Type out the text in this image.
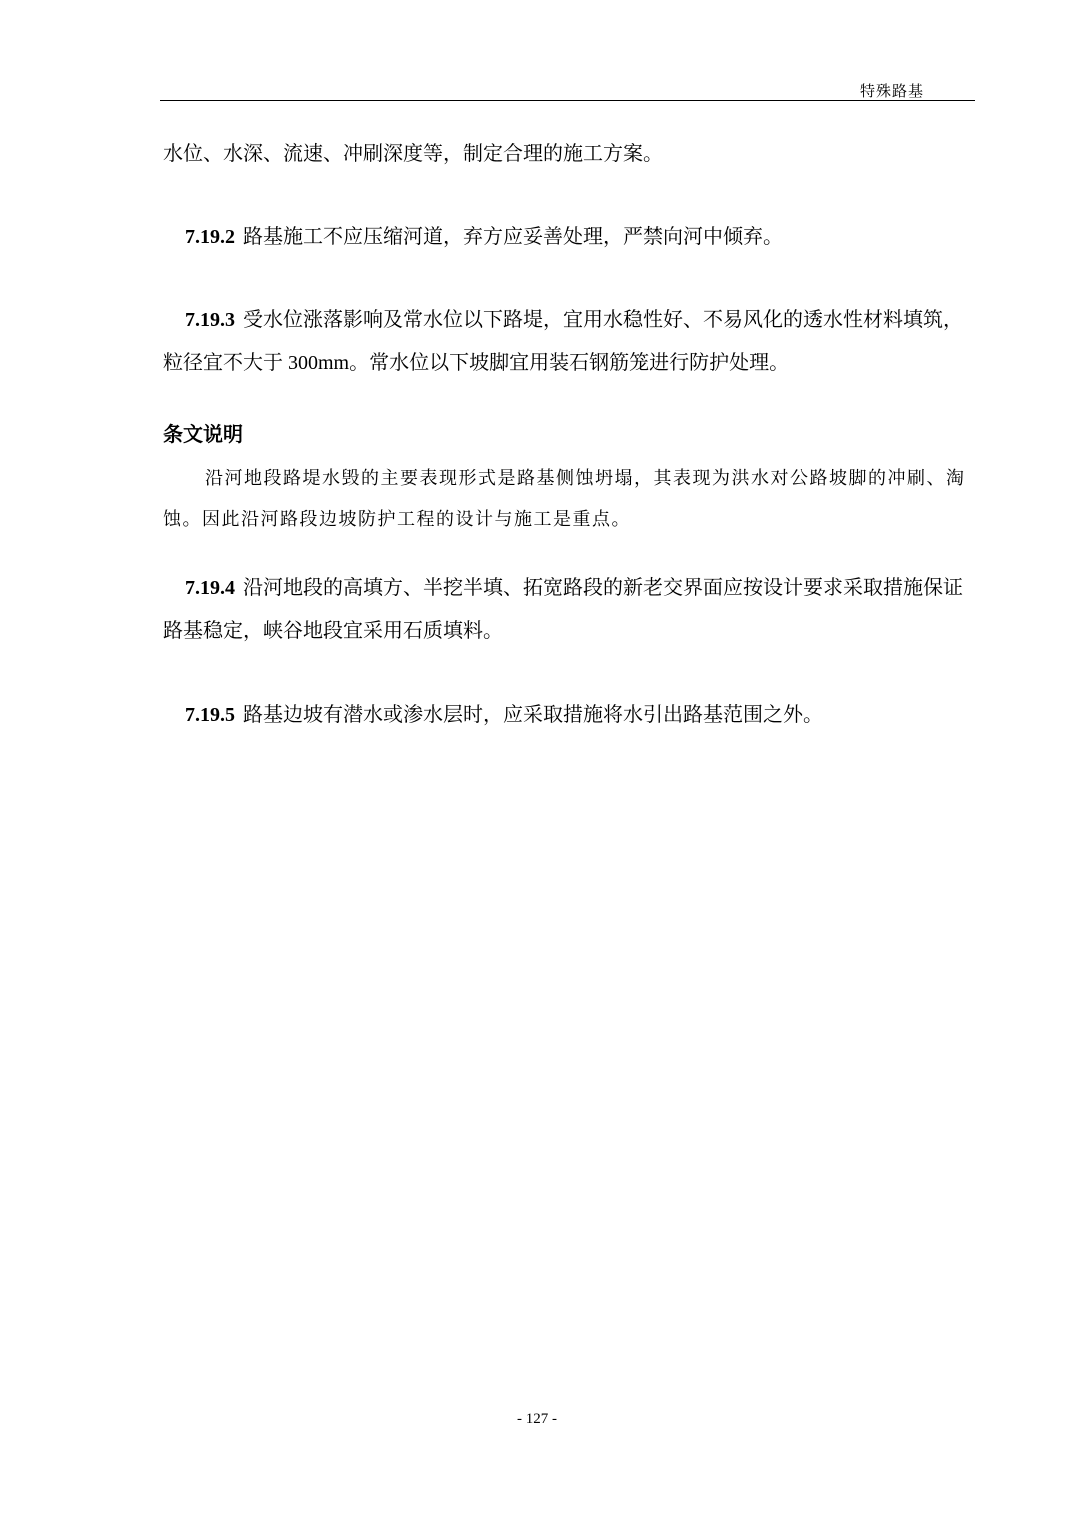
特殊路基

水位、水深、流速、冲刷深度等，制定合理的施工方案。

7.19.2 路基施工不应压缩河道，弃方应妥善处理，严禁向河中倾弃。

7.19.3 受水位涨落影响及常水位以下路堤，宜用水稳性好、不易风化的透水性材料填筑，粒径宜不大于 300mm。常水位以下坡脚宜用装石钢筋笼进行防护处理。

条文说明

沿河地段路堤水毁的主要表现形式是路基侧蚀坍塌，其表现为洪水对公路坡脚的冲刷、淘蚀。因此沿河路段边坡防护工程的设计与施工是重点。

7.19.4 沿河地段的高填方、半挖半填、拓宽路段的新老交界面应按设计要求采取措施保证路基稳定，峡谷地段宜采用石质填料。

7.19.5 路基边坡有潜水或渗水层时，应采取措施将水引出路基范围之外。

- 127 -
